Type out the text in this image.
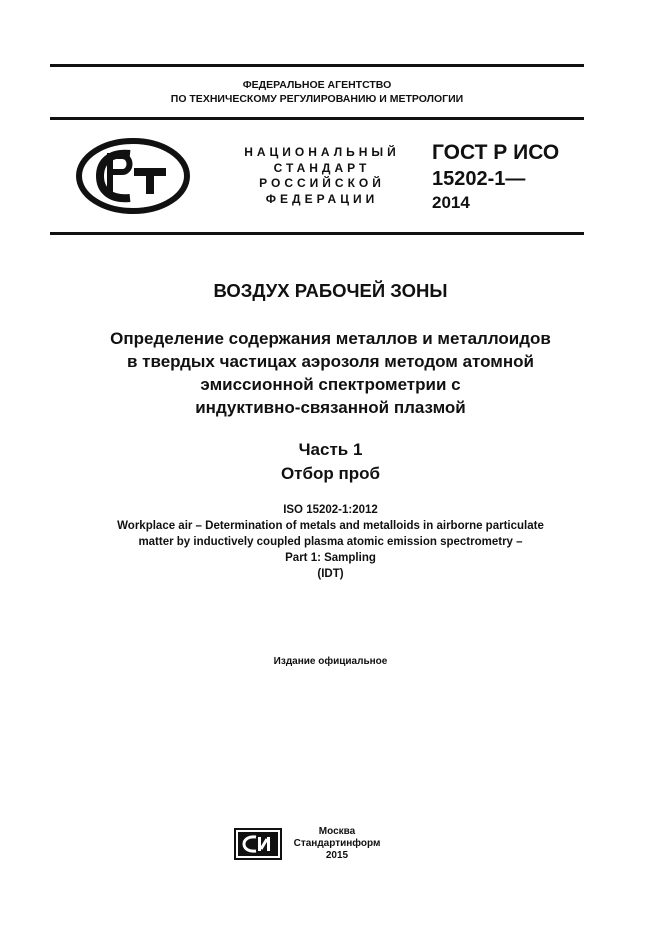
ФЕДЕРАЛЬНОЕ АГЕНТСТВО
ПО ТЕХНИЧЕСКОМУ РЕГУЛИРОВАНИЮ И МЕТРОЛОГИИ
НАЦИОНАЛЬНЫЙ
СТАНДАРТ
РОССИЙСКОЙ
ФЕДЕРАЦИИ
ГОСТ Р ИСО
15202-1—
2014
ВОЗДУХ РАБОЧЕЙ ЗОНЫ
Определение содержания металлов и металлоидов
в твердых частицах аэрозоля методом атомной
эмиссионной спектрометрии с
индуктивно-связанной плазмой
Часть 1
Отбор проб
ISO 15202-1:2012
Workplace air – Determination of metals and metalloids in airborne particulate
matter by inductively coupled plasma atomic emission spectrometry –
Part 1: Sampling
(IDT)
Издание официальное
Москва
Стандартинформ
2015
